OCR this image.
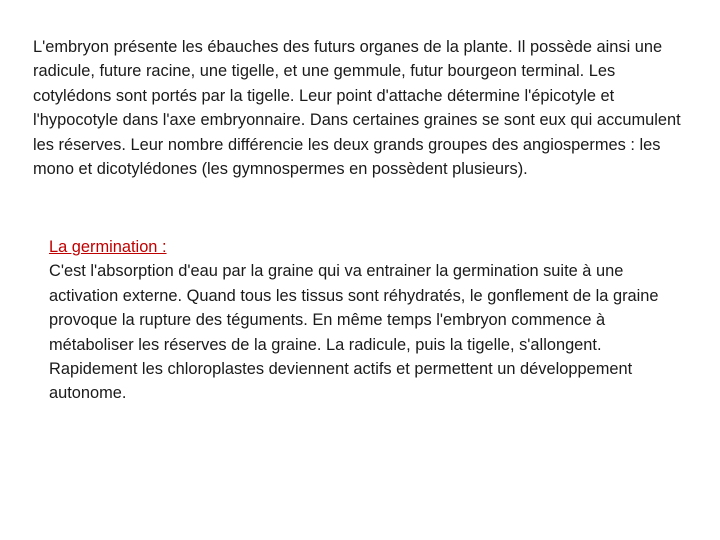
L'embryon présente les ébauches des futurs organes de la plante. Il possède ainsi une radicule, future racine, une tigelle, et une gemmule, futur bourgeon terminal. Les cotylédons sont portés par la tigelle. Leur point d'attache détermine l'épicotyle et l'hypocotyle dans l'axe embryonnaire. Dans certaines graines se sont eux qui accumulent les réserves. Leur nombre différencie les deux grands groupes des angiospermes : les mono et dicotylédones (les gymnospermes en possèdent plusieurs).

La germination :

C'est l'absorption d'eau par la graine qui va entrainer la germination suite à une activation externe. Quand tous les tissus sont réhydratés, le gonflement de la graine provoque la rupture des téguments. En même temps l'embryon commence à métaboliser les réserves de la graine. La radicule, puis la tigelle, s'allongent. Rapidement les chloroplastes deviennent actifs et permettent un développement autonome.
